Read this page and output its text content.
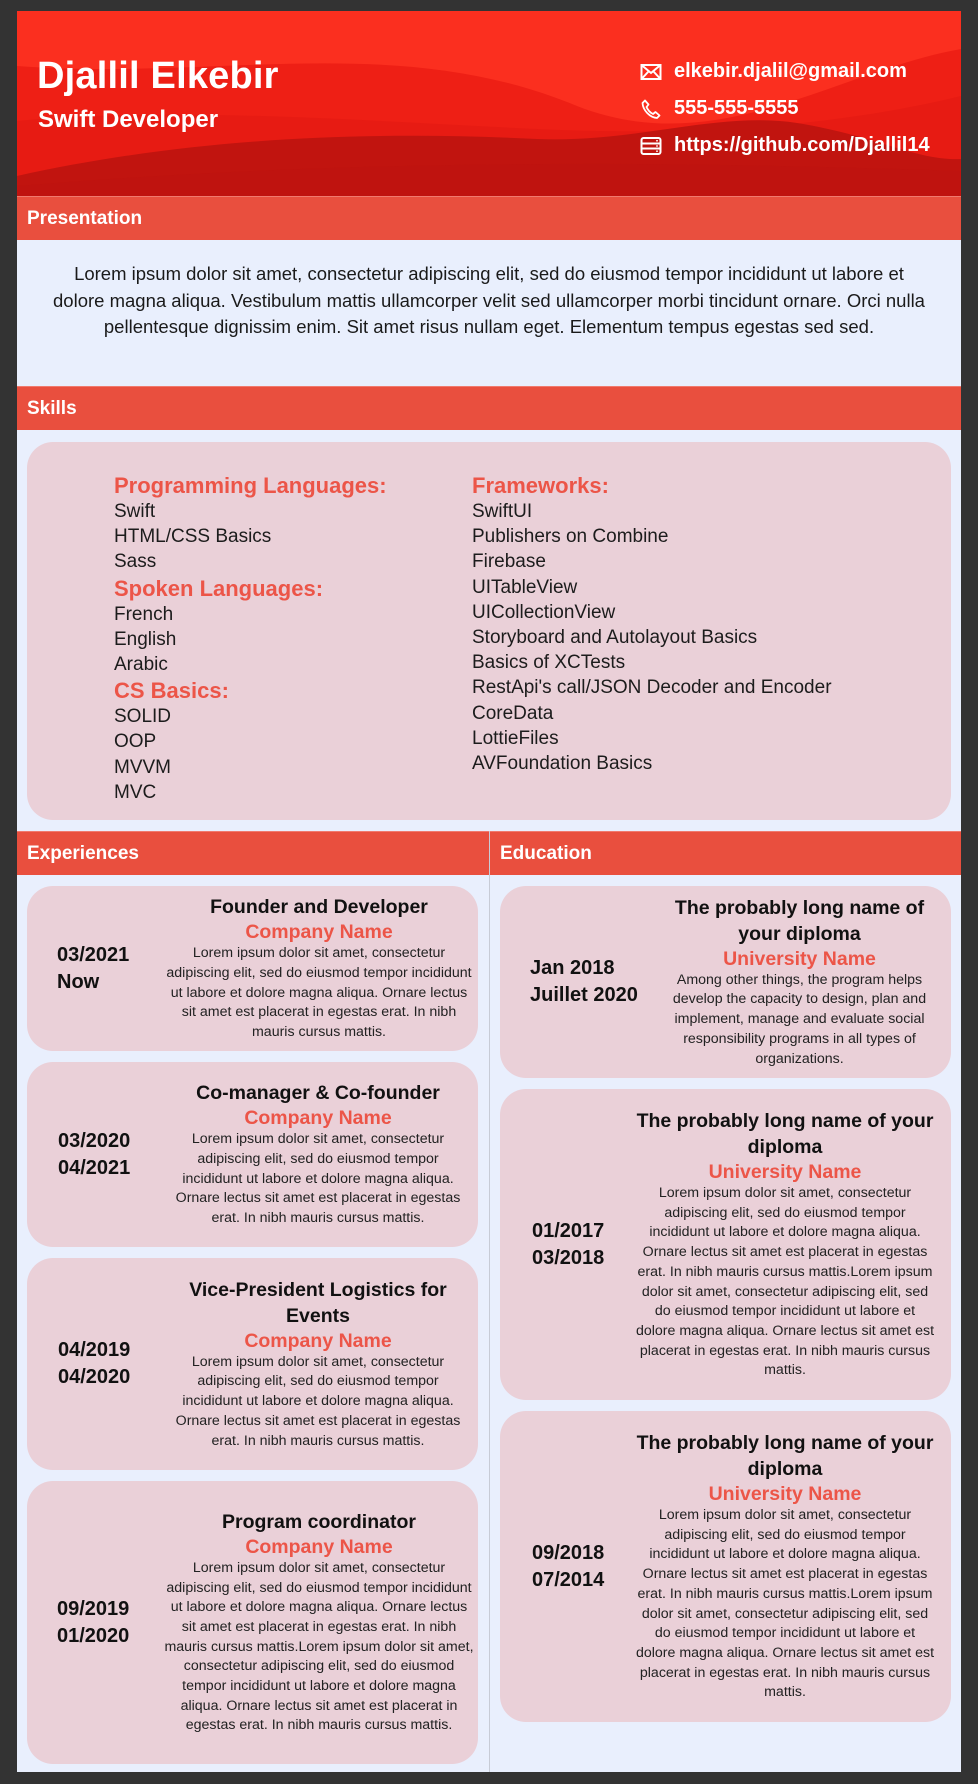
Djallil Elkebir
Swift Developer
elkebir.djalil@gmail.com
555-555-5555
https://github.com/Djallil14
Presentation
Lorem ipsum dolor sit amet, consectetur adipiscing elit, sed do eiusmod tempor incididunt ut labore et dolore magna aliqua. Vestibulum mattis ullamcorper velit sed ullamcorper morbi tincidunt ornare. Orci nulla pellentesque dignissim enim. Sit amet risus nullam eget. Elementum tempus egestas sed sed.
Skills
Programming Languages:
Swift
HTML/CSS Basics
Sass
Spoken Languages:
French
English
Arabic
CS Basics:
SOLID
OOP
MVVM
MVC
Frameworks:
SwiftUI
Publishers on Combine
Firebase
UITableView
UICollectionView
Storyboard and Autolayout Basics
Basics of XCTests
RestApi's call/JSON Decoder and Encoder
CoreData
LottieFiles
AVFoundation Basics
Experiences	Education
03/2021
Now
Founder and Developer
Company Name
Lorem ipsum dolor sit amet, consectetur adipiscing elit, sed do eiusmod tempor incididunt ut labore et dolore magna aliqua. Ornare lectus sit amet est placerat in egestas erat. In nibh mauris cursus mattis.
03/2020
04/2021
Co-manager & Co-founder
Company Name
Lorem ipsum dolor sit amet, consectetur adipiscing elit, sed do eiusmod tempor incididunt ut labore et dolore magna aliqua. Ornare lectus sit amet est placerat in egestas erat. In nibh mauris cursus mattis.
04/2019
04/2020
Vice-President Logistics for Events
Company Name
Lorem ipsum dolor sit amet, consectetur adipiscing elit, sed do eiusmod tempor incididunt ut labore et dolore magna aliqua. Ornare lectus sit amet est placerat in egestas erat. In nibh mauris cursus mattis.
09/2019
01/2020
Program coordinator
Company Name
Lorem ipsum dolor sit amet, consectetur adipiscing elit, sed do eiusmod tempor incididunt ut labore et dolore magna aliqua. Ornare lectus sit amet est placerat in egestas erat. In nibh mauris cursus mattis.Lorem ipsum dolor sit amet, consectetur adipiscing elit, sed do eiusmod tempor incididunt ut labore et dolore magna aliqua. Ornare lectus sit amet est placerat in egestas erat. In nibh mauris cursus mattis.
Jan 2018
Juillet 2020
The probably long name of your diploma
University Name
Among other things, the program helps develop the capacity to design, plan and implement, manage and evaluate social responsibility programs in all types of organizations.
01/2017
03/2018
The probably long name of your diploma
University Name
Lorem ipsum dolor sit amet, consectetur adipiscing elit, sed do eiusmod tempor incididunt ut labore et dolore magna aliqua. Ornare lectus sit amet est placerat in egestas erat. In nibh mauris cursus mattis.Lorem ipsum dolor sit amet, consectetur adipiscing elit, sed do eiusmod tempor incididunt ut labore et dolore magna aliqua. Ornare lectus sit amet est placerat in egestas erat. In nibh mauris cursus mattis.
09/2018
07/2014
The probably long name of your diploma
University Name
Lorem ipsum dolor sit amet, consectetur adipiscing elit, sed do eiusmod tempor incididunt ut labore et dolore magna aliqua. Ornare lectus sit amet est placerat in egestas erat. In nibh mauris cursus mattis.Lorem ipsum dolor sit amet, consectetur adipiscing elit, sed do eiusmod tempor incididunt ut labore et dolore magna aliqua. Ornare lectus sit amet est placerat in egestas erat. In nibh mauris cursus mattis.
